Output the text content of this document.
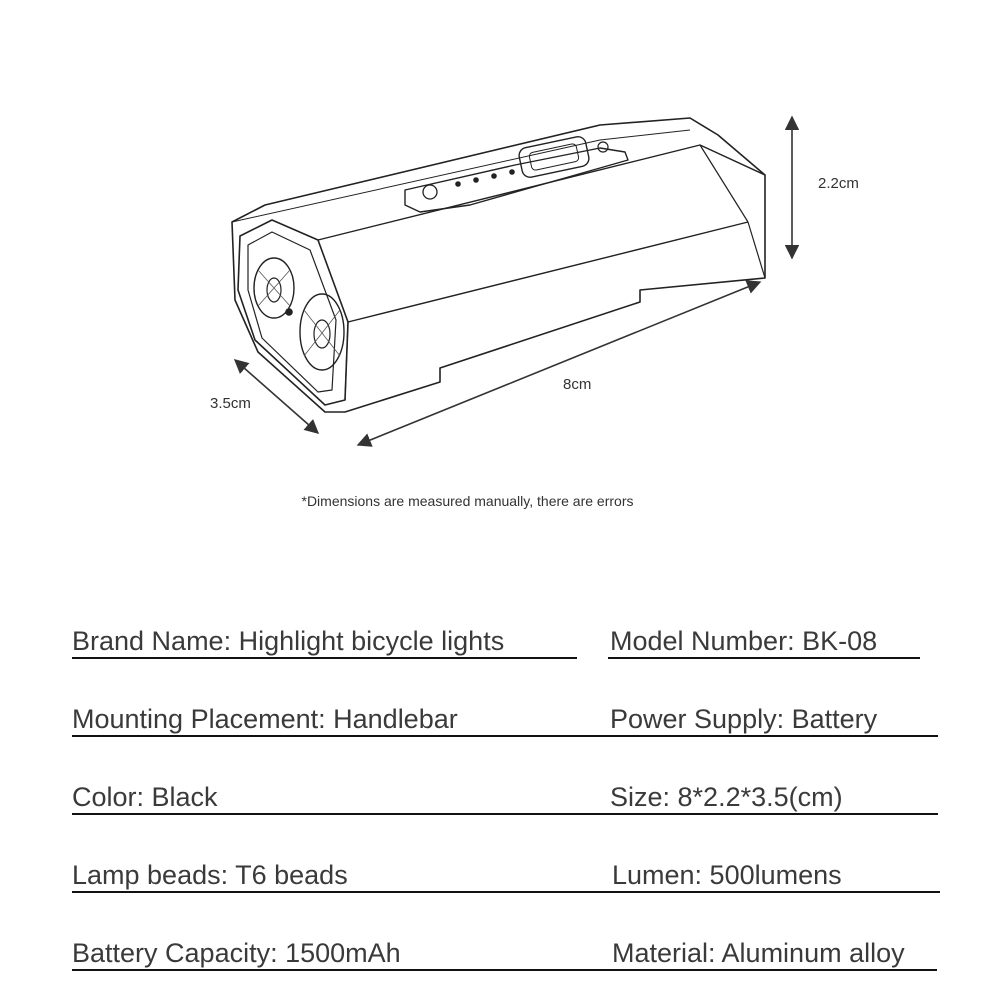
2.2cm
8cm
3.5cm
*Dimensions are measured manually, there are errors
Brand Name: Highlight bicycle lights	Model Number: BK-08
Mounting Placement: Handlebar	Power Supply: Battery
Color: Black	Size: 8*2.2*3.5(cm)
Lamp beads: T6 beads	Lumen: 500lumens
Battery Capacity: 1500mAh	Material: Aluminum alloy
